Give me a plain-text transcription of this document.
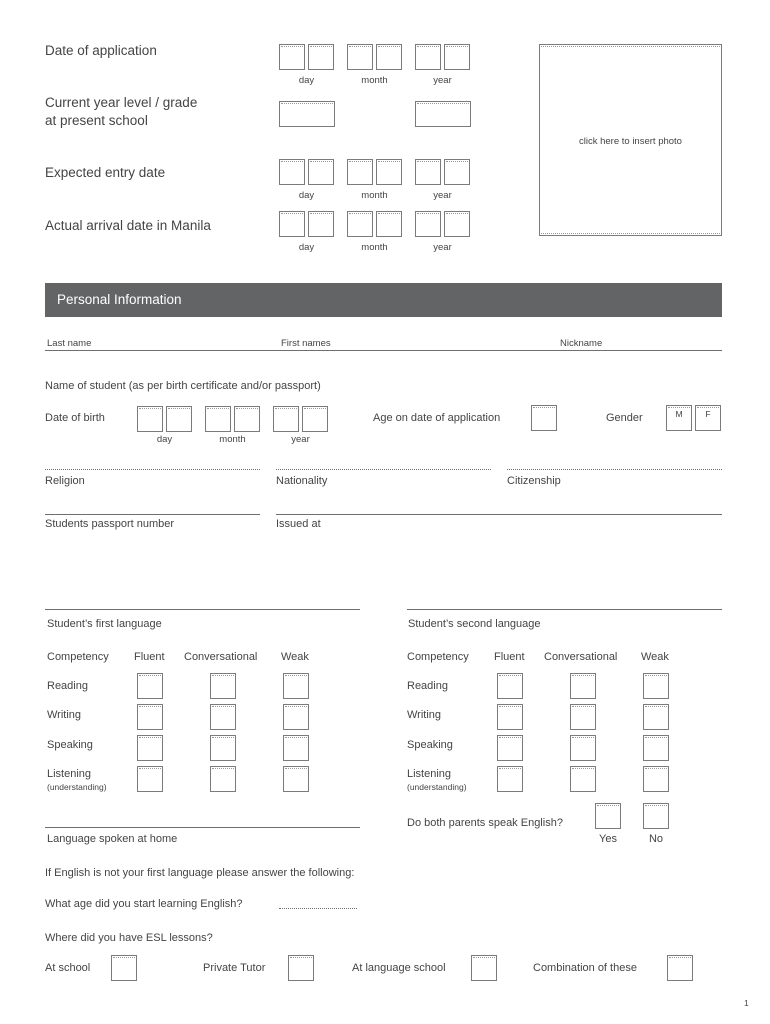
Date of application
day	month	year
Current year level / grade
at present school
Expected entry date
day	month	year
Actual arrival date in Manila
day	month	year
click here to insert photo
Personal Information
Last name	First names	Nickname
Name of student (as per birth certificate and/or passport)
Date of birth
day	month	year
Age on date of application	Gender	M	F
Religion	Nationality	Citizenship
Students passport number	Issued at
Student’s first language	Student’s second language
Competency Fluent Conversational Weak
Reading
Writing
Speaking
Listening
(understanding)
Competency Fluent Conversational Weak
Reading
Writing
Speaking
Listening
(understanding)
Language spoken at home
Do both parents speak English?
Yes	No
If English is not your first language please answer the following:
What age did you start learning English?
Where did you have ESL lessons?
At school	Private Tutor	At language school	Combination of these
1
